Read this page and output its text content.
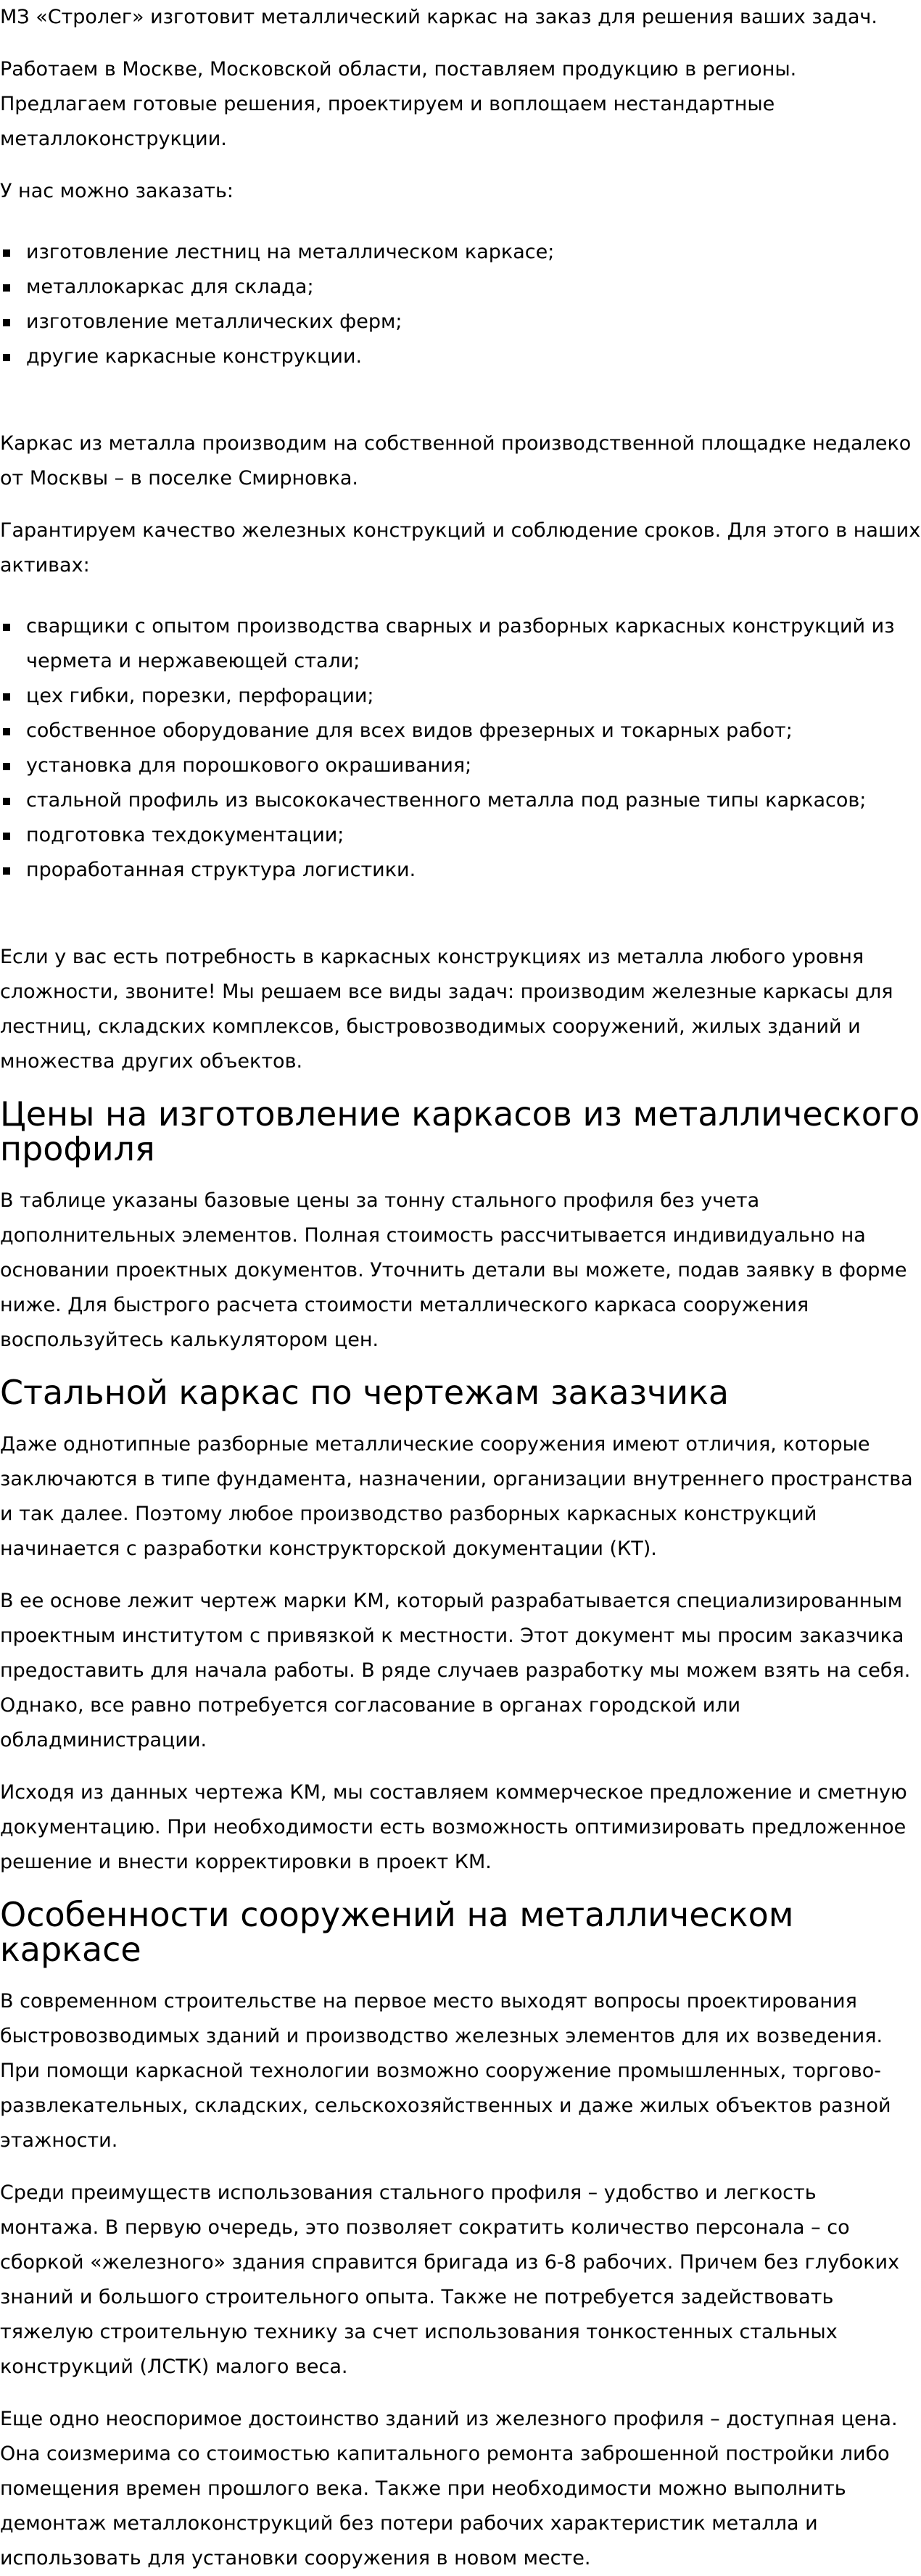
МЗ «Стролег» изготовит металлический каркас на заказ для решения ваших задач.

Работаем в Москве, Московской области, поставляем продукцию в регионы. Предлагаем готовые решения, проектируем и воплощаем нестандартные металлоконструкции.

У нас можно заказать:

изготовление лестниц на металлическом каркасе;
металлокаркас для склада;
изготовление металлических ферм;
другие каркасные конструкции.

Каркас из металла производим на собственной производственной площадке недалеко от Москвы – в поселке Смирновка.

Гарантируем качество железных конструкций и соблюдение сроков. Для этого в наших активах:

сварщики с опытом производства сварных и разборных каркасных конструкций из чермета и нержавеющей стали;
цех гибки, порезки, перфорации;
собственное оборудование для всех видов фрезерных и токарных работ;
установка для порошкового окрашивания;
стальной профиль из высококачественного металла под разные типы каркасов;
подготовка техдокументации;
проработанная структура логистики.

Если у вас есть потребность в каркасных конструкциях из металла любого уровня сложности, звоните! Мы решаем все виды задач: производим железные каркасы для лестниц, складских комплексов, быстровозводимых сооружений, жилых зданий и множества других объектов.

Цены на изготовление каркасов из металлического профиля

В таблице указаны базовые цены за тонну стального профиля без учета дополнительных элементов. Полная стоимость рассчитывается индивидуально на основании проектных документов. Уточнить детали вы можете, подав заявку в форме ниже. Для быстрого расчета стоимости металлического каркаса сооружения воспользуйтесь калькулятором цен.

Стальной каркас по чертежам заказчика

Даже однотипные разборные металлические сооружения имеют отличия, которые заключаются в типе фундамента, назначении, организации внутреннего пространства и так далее. Поэтому любое производство разборных каркасных конструкций начинается с разработки конструкторской документации (КТ).

В ее основе лежит чертеж марки КМ, который разрабатывается специализированным проектным институтом с привязкой к местности. Этот документ мы просим заказчика предоставить для начала работы. В ряде случаев разработку мы можем взять на себя. Однако, все равно потребуется согласование в органах городской или обладминистрации.

Исходя из данных чертежа КМ, мы составляем коммерческое предложение и сметную документацию. При необходимости есть возможность оптимизировать предложенное решение и внести корректировки в проект КМ.

Особенности сооружений на металлическом каркасе

В современном строительстве на первое место выходят вопросы проектирования быстровозводимых зданий и производство железных элементов для их возведения. При помощи каркасной технологии возможно сооружение промышленных, торгово-развлекательных, складских, сельскохозяйственных и даже жилых объектов разной этажности.

Среди преимуществ использования стального профиля – удобство и легкость монтажа. В первую очередь, это позволяет сократить количество персонала – со сборкой «железного» здания справится бригада из 6-8 рабочих. Причем без глубоких знаний и большого строительного опыта. Также не потребуется задействовать тяжелую строительную технику за счет использования тонкостенных стальных конструкций (ЛСТК) малого веса.

Еще одно неоспоримое достоинство зданий из железного профиля – доступная цена. Она соизмерима со стоимостью капитального ремонта заброшенной постройки либо помещения времен прошлого века. Также при необходимости можно выполнить демонтаж металлоконструкций без потери рабочих характеристик металла и использовать для установки сооружения в новом месте.
